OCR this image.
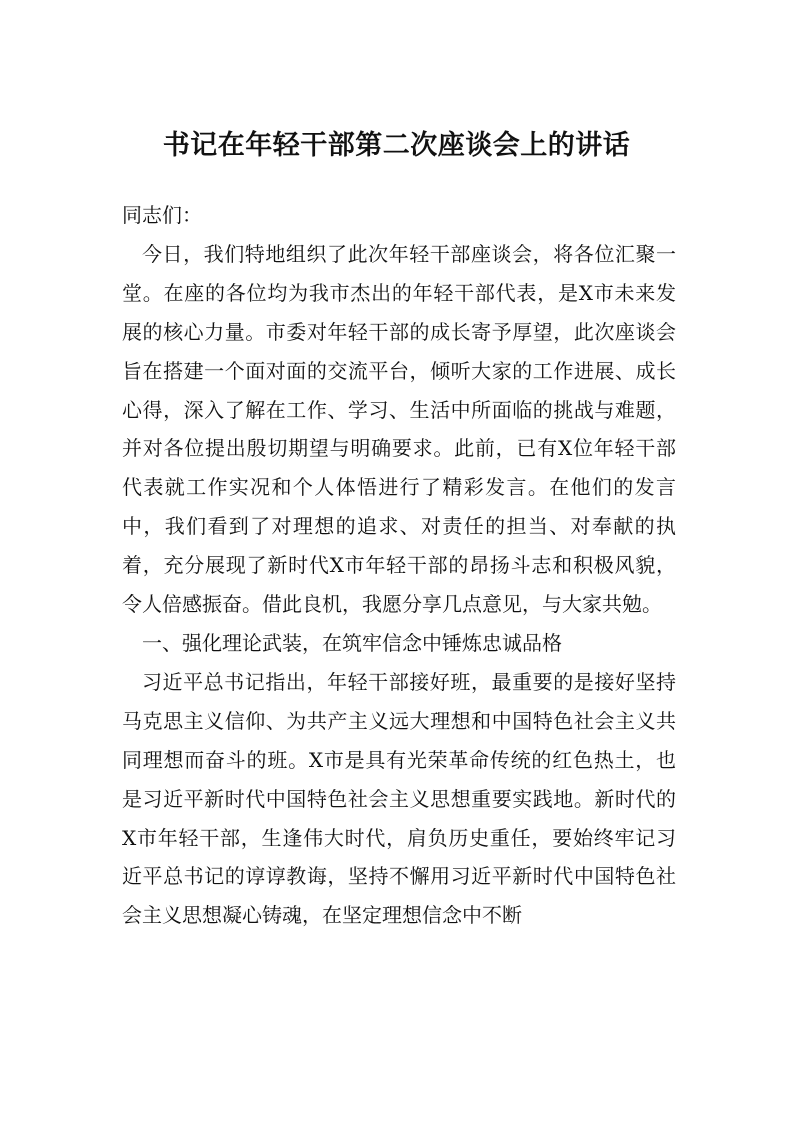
书记在年轻干部第二次座谈会上的讲话

同志们：

今日，我们特地组织了此次年轻干部座谈会，将各位汇聚一堂。在座的各位均为我市杰出的年轻干部代表，是X市未来发展的核心力量。市委对年轻干部的成长寄予厚望，此次座谈会旨在搭建一个面对面的交流平台，倾听大家的工作进展、成长心得，深入了解在工作、学习、生活中所面临的挑战与难题，并对各位提出殷切期望与明确要求。此前，已有X位年轻干部代表就工作实况和个人体悟进行了精彩发言。在他们的发言中，我们看到了对理想的追求、对责任的担当、对奉献的执着，充分展现了新时代X市年轻干部的昂扬斗志和积极风貌，令人倍感振奋。借此良机，我愿分享几点意见，与大家共勉。

一、强化理论武装，在筑牢信念中锤炼忠诚品格

习近平总书记指出，年轻干部接好班，最重要的是接好坚持马克思主义信仰、为共产主义远大理想和中国特色社会主义共同理想而奋斗的班。X市是具有光荣革命传统的红色热土，也是习近平新时代中国特色社会主义思想重要实践地。新时代的X市年轻干部，生逢伟大时代，肩负历史重任，要始终牢记习近平总书记的谆谆教诲，坚持不懈用习近平新时代中国特色社会主义思想凝心铸魂，在坚定理想信念中不断
